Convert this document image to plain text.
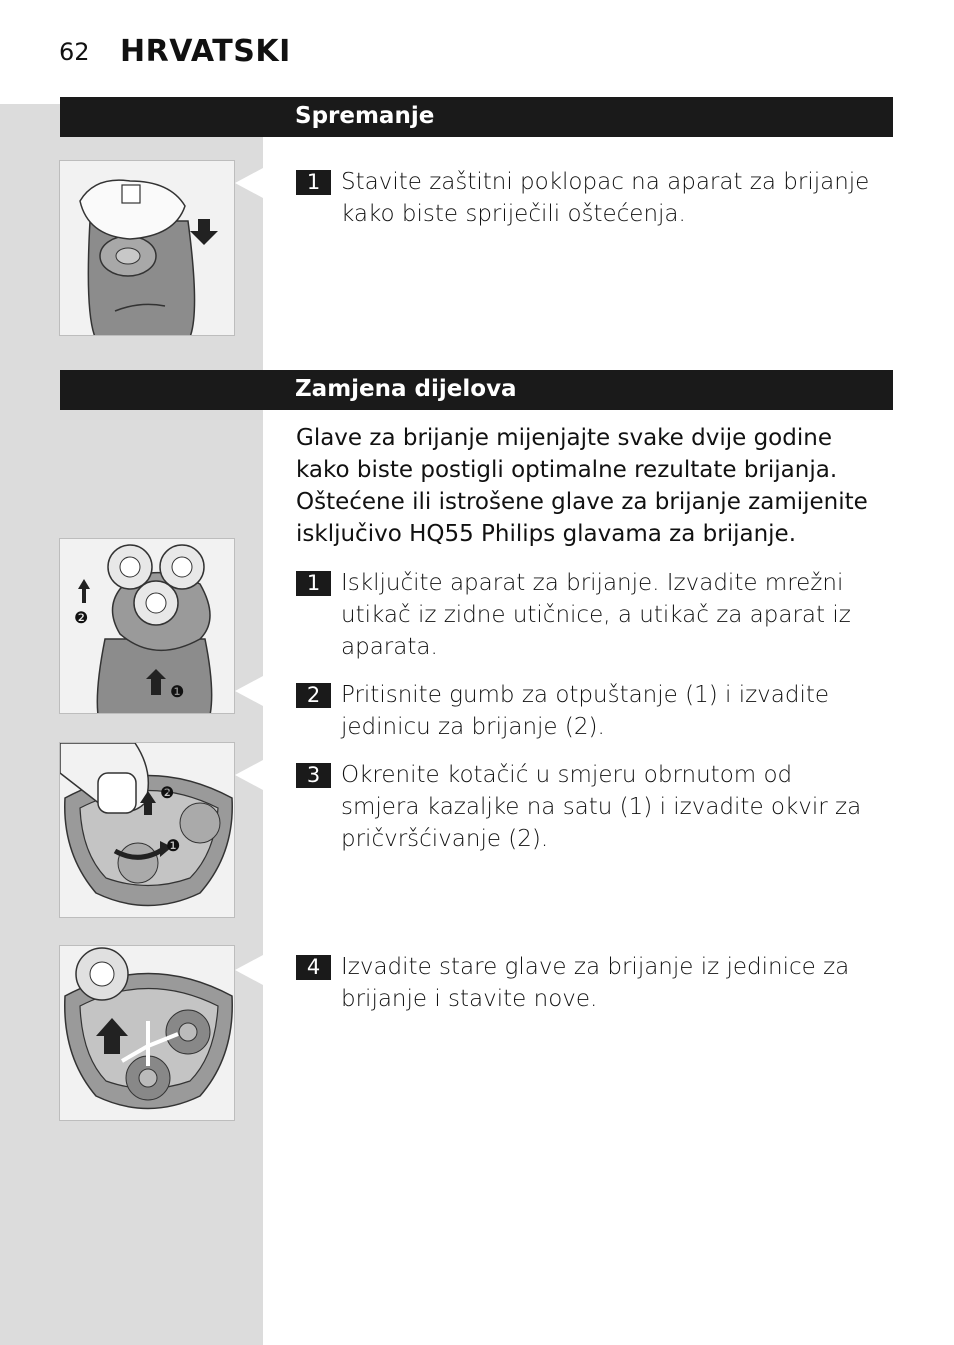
62 HRVATSKI
Spremanje
1 Stavite zaštitni poklopac na aparat za brijanje kako biste spriječili oštećenja.
Zamjena dijelova

Glave za brijanje mijenjajte svake dvije godine kako biste postigli optimalne rezultate brijanja.

Oštećene ili istrošene glave za brijanje zamijenite isključivo HQ55 Philips glavama za brijanje.

❷
❶
1 Isključite aparat za brijanje. Izvadite mrežni utikač iz zidne utičnice, a utikač za aparat iz aparata.
2 Pritisnite gumb za otpuštanje (1) i izvadite jedinicu za brijanje (2).
❷
❶
3 Okrenite kotačić u smjeru obrnutom od smjera kazaljke na satu (1) i izvadite okvir za pričvršćivanje (2).
4 Izvadite stare glave za brijanje iz jedinice za brijanje i stavite nove.
